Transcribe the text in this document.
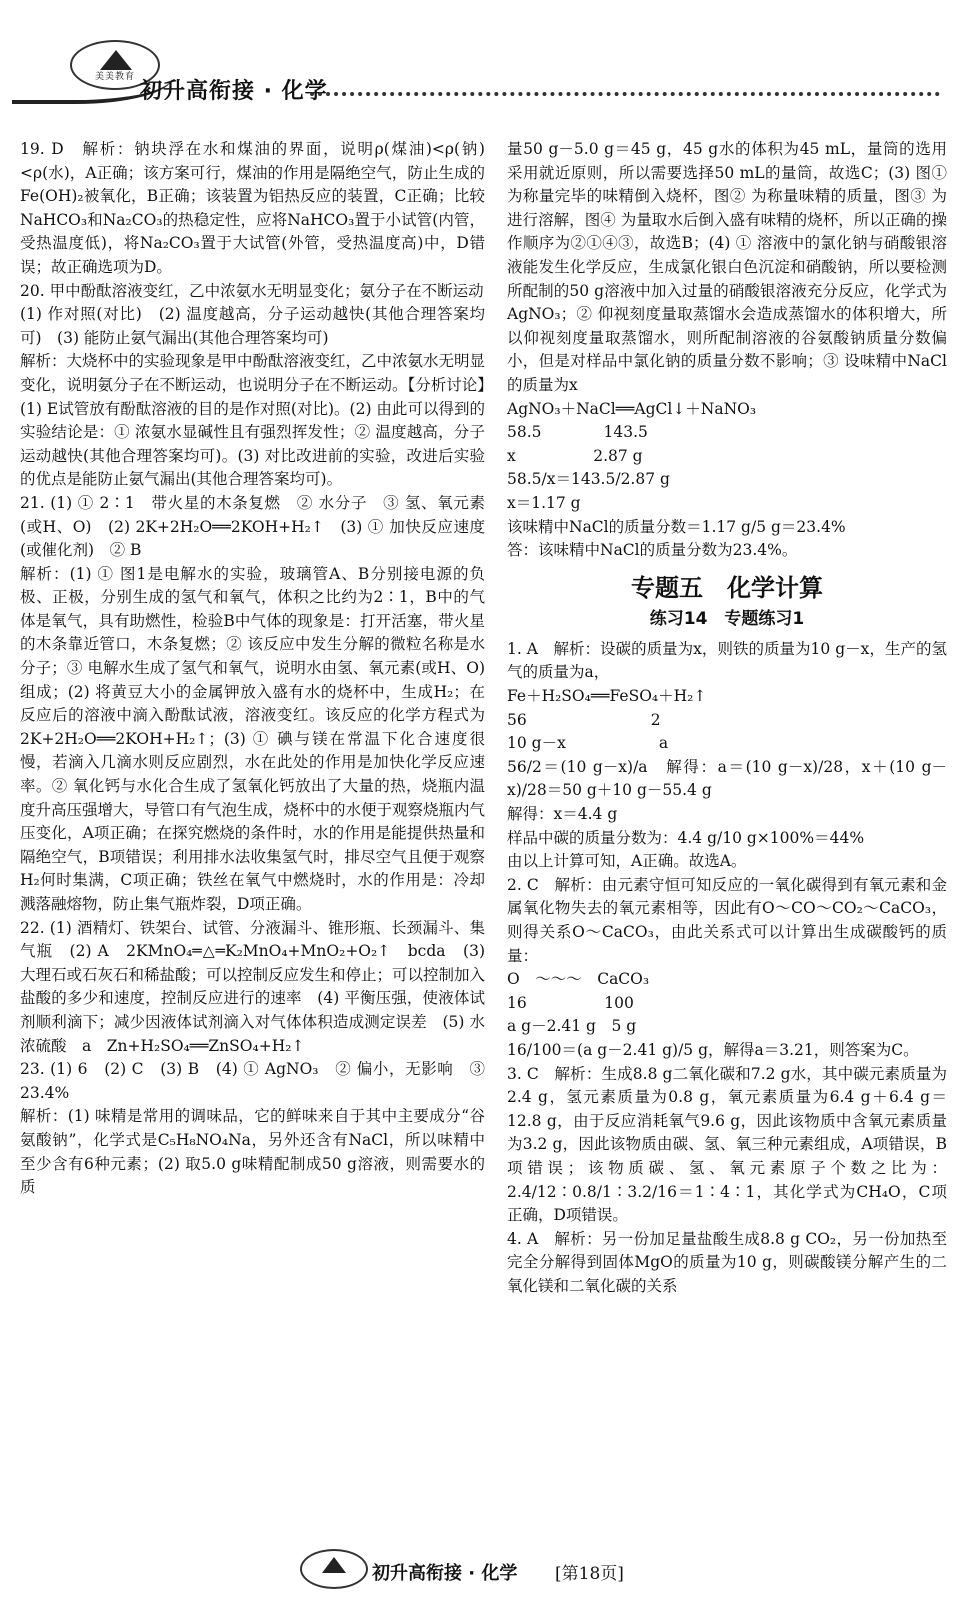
美美教育
初升高衔接 · 化学

19. D　解析：钠块浮在水和煤油的界面，说明ρ(煤油)<ρ(钠)<ρ(水)，A正确；该方案可行，煤油的作用是隔绝空气，防止生成的Fe(OH)₂被氧化，B正确；该装置为铝热反应的装置，C正确；比较NaHCO₃和Na₂CO₃的热稳定性，应将NaHCO₃置于小试管(内管，受热温度低)，将Na₂CO₃置于大试管(外管，受热温度高)中，D错误；故正确选项为D。

20. 甲中酚酞溶液变红，乙中浓氨水无明显变化；氨分子在不断运动

(1) 作对照(对比)　(2) 温度越高，分子运动越快(其他合理答案均可)　(3) 能防止氨气漏出(其他合理答案均可)

解析：大烧杯中的实验现象是甲中酚酞溶液变红，乙中浓氨水无明显变化，说明氨分子在不断运动，也说明分子在不断运动。【分析讨论】(1) E试管放有酚酞溶液的目的是作对照(对比)。(2) 由此可以得到的实验结论是：① 浓氨水显碱性且有强烈挥发性；② 温度越高，分子运动越快(其他合理答案均可)。(3) 对比改进前的实验，改进后实验的优点是能防止氨气漏出(其他合理答案均可)。

21. (1) ① 2∶1　带火星的木条复燃　② 水分子　③ 氢、氧元素(或H、O)　(2) 2K+2H₂O══2KOH+H₂↑　(3) ① 加快反应速度(或催化剂)　② B

解析：(1) ① 图1是电解水的实验，玻璃管A、B分别接电源的负极、正极，分别生成的氢气和氧气，体积之比约为2∶1，B中的气体是氧气，具有助燃性，检验B中气体的现象是：打开活塞，带火星的木条靠近管口，木条复燃；② 该反应中发生分解的微粒名称是水分子；③ 电解水生成了氢气和氧气，说明水由氢、氧元素(或H、O)组成；(2) 将黄豆大小的金属钾放入盛有水的烧杯中，生成H₂；在反应后的溶液中滴入酚酞试液，溶液变红。该反应的化学方程式为2K+2H₂O══2KOH+H₂↑；(3) ① 碘与镁在常温下化合速度很慢，若滴入几滴水则反应剧烈，水在此处的作用是加快化学反应速率。② 氧化钙与水化合生成了氢氧化钙放出了大量的热，烧瓶内温度升高压强增大，导管口有气泡生成，烧杯中的水便于观察烧瓶内气压变化，A项正确；在探究燃烧的条件时，水的作用是能提供热量和隔绝空气，B项错误；利用排水法收集氢气时，排尽空气且便于观察H₂何时集满，C项正确；铁丝在氧气中燃烧时，水的作用是：冷却溅落融熔物，防止集气瓶炸裂，D项正确。

22. (1) 酒精灯、铁架台、试管、分液漏斗、锥形瓶、长颈漏斗、集气瓶　(2) A　2KMnO₄═△═K₂MnO₄+MnO₂+O₂↑　bcda　(3) 大理石或石灰石和稀盐酸；可以控制反应发生和停止；可以控制加入盐酸的多少和速度，控制反应进行的速率　(4) 平衡压强，使液体试剂顺利滴下；减少因液体试剂滴入对气体体积造成测定误差　(5) 水　浓硫酸　a　Zn+H₂SO₄══ZnSO₄+H₂↑

23. (1) 6　(2) C　(3) B　(4) ① AgNO₃　② 偏小，无影响　③ 23.4%

解析：(1) 味精是常用的调味品，它的鲜味来自于其中主要成分“谷氨酸钠”，化学式是C₅H₈NO₄Na，另外还含有NaCl，所以味精中至少含有6种元素；(2) 取5.0 g味精配制成50 g溶液，则需要水的质

量50 g－5.0 g＝45 g，45 g水的体积为45 mL，量筒的选用采用就近原则，所以需要选择50 mL的量筒，故选C；(3) 图① 为称量完毕的味精倒入烧杯，图② 为称量味精的质量，图③ 为进行溶解，图④ 为量取水后倒入盛有味精的烧杯，所以正确的操作顺序为②①④③，故选B；(4) ① 溶液中的氯化钠与硝酸银溶液能发生化学反应，生成氯化银白色沉淀和硝酸钠，所以要检测所配制的50 g溶液中加入过量的硝酸银溶液充分反应，化学式为AgNO₃；② 仰视刻度量取蒸馏水会造成蒸馏水的体积增大，所以仰视刻度量取蒸馏水，则所配制溶液的谷氨酸钠质量分数偏小，但是对样品中氯化钠的质量分数不影响；③ 设味精中NaCl的质量为x

AgNO₃＋NaCl══AgCl↓＋NaNO₃

58.5　　　　143.5

x　　　　　2.87 g

58.5/x＝143.5/2.87 g

x＝1.17 g

该味精中NaCl的质量分数＝1.17 g/5 g＝23.4%

答：该味精中NaCl的质量分数为23.4%。

专题五　化学计算
练习14　专题练习1

1. A　解析：设碳的质量为x，则铁的质量为10 g－x，生产的氢气的质量为a，

Fe＋H₂SO₄══FeSO₄＋H₂↑

56　　　　　　　　2

10 g－x　　　　　　a

56/2＝(10 g－x)/a　解得：a＝(10 g－x)/28，x＋(10 g－x)/28＝50 g＋10 g－55.4 g

解得：x＝4.4 g

样品中碳的质量分数为：4.4 g/10 g×100%＝44%

由以上计算可知，A正确。故选A。

2. C　解析：由元素守恒可知反应的一氧化碳得到有氧元素和金属氧化物失去的氧元素相等，因此有O～CO～CO₂～CaCO₃，则得关系O～CaCO₃，由此关系式可以计算出生成碳酸钙的质量：

O　～～～　CaCO₃

16　　　　　100

a g－2.41 g　5 g

16/100＝(a g－2.41 g)/5 g，解得a＝3.21，则答案为C。

3. C　解析：生成8.8 g二氧化碳和7.2 g水，其中碳元素质量为2.4 g，氢元素质量为0.8 g，氧元素质量为6.4 g＋6.4 g＝12.8 g，由于反应消耗氧气9.6 g，因此该物质中含氧元素质量为3.2 g，因此该物质由碳、氢、氧三种元素组成，A项错误，B项错误；该物质碳、氢、氧元素原子个数之比为：2.4/12∶0.8/1∶3.2/16＝1∶4∶1，其化学式为CH₄O，C项正确，D项错误。

4. A　解析：另一份加足量盐酸生成8.8 g CO₂，另一份加热至完全分解得到固体MgO的质量为10 g，则碳酸镁分解产生的二氧化镁和二氧化碳的关系

初升高衔接 · 化学 [第18页]
